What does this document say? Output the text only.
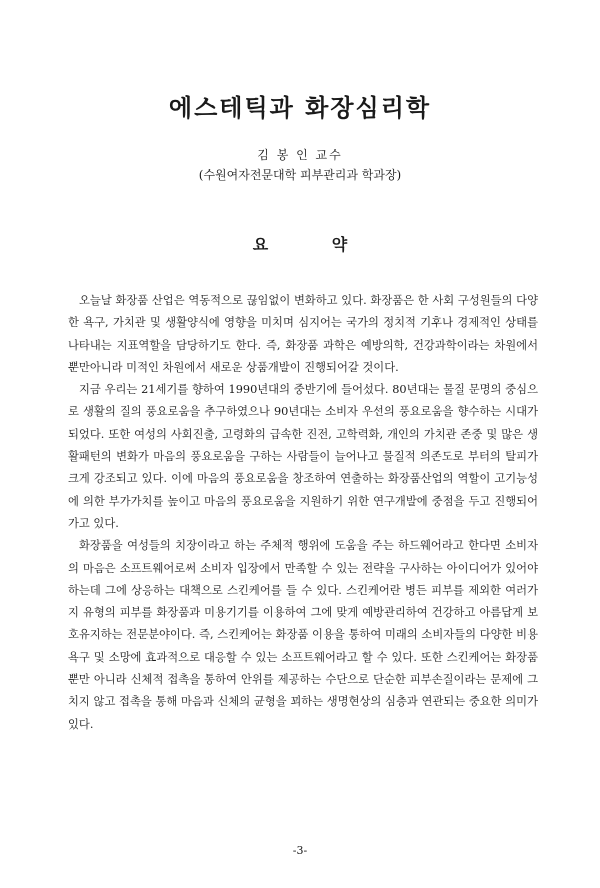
에스테틱과 화장심리학
김 봉 인 교수
(수원여자전문대학 피부관리과 학과장)
요 약

오늘날 화장품 산업은 역동적으로 끊임없이 변화하고 있다. 화장품은 한 사회 구성원들의 다양한 욕구, 가치관 및 생활양식에 영향을 미치며 심지어는 국가의 정치적 기후나 경제적인 상태를 나타내는 지표역할을 담당하기도 한다. 즉, 화장품 과학은 예방의학, 건강과학이라는 차원에서 뿐만아니라 미적인 차원에서 새로운 상품개발이 진행되어갈 것이다.

지금 우리는 21세기를 향하여 1990년대의 중반기에 들어섰다. 80년대는 물질 문명의 중심으로 생활의 질의 풍요로움을 추구하였으나 90년대는 소비자 우선의 풍요로움을 향수하는 시대가 되었다. 또한 여성의 사회진출, 고령화의 급속한 진전, 고학력화, 개인의 가치관 존중 및 많은 생활패턴의 변화가 마음의 풍요로움을 구하는 사람들이 늘어나고 물질적 의존도로 부터의 탈피가 크게 강조되고 있다. 이에 마음의 풍요로움을 창조하여 연출하는 화장품산업의 역할이 고기능성에 의한 부가가치를 높이고 마음의 풍요로움을 지원하기 위한 연구개발에 중점을 두고 진행되어가고 있다.

화장품을 여성들의 치장이라고 하는 주체적 행위에 도움을 주는 하드웨어라고 한다면 소비자의 마음은 소프트웨어로써 소비자 입장에서 만족할 수 있는 전략을 구사하는 아이디어가 있어야 하는데 그에 상응하는 대책으로 스킨케어를 들 수 있다. 스킨케어란 병든 피부를 제외한 여러가지 유형의 피부를 화장품과 미용기기를 이용하여 그에 맞게 예방관리하여 건강하고 아름답게 보호유지하는 전문분야이다. 즉, 스킨케어는 화장품 이용을 통하여 미래의 소비자들의 다양한 비용 욕구 및 소망에 효과적으로 대응할 수 있는 소프트웨어라고 할 수 있다. 또한 스킨케어는 화장품 뿐만 아니라 신체적 접촉을 통하여 안위를 제공하는 수단으로 단순한 피부손질이라는 문제에 그치지 않고 접촉을 통해 마음과 신체의 균형을 꾀하는 생명현상의 심층과 연관되는 중요한 의미가 있다.

-3-
